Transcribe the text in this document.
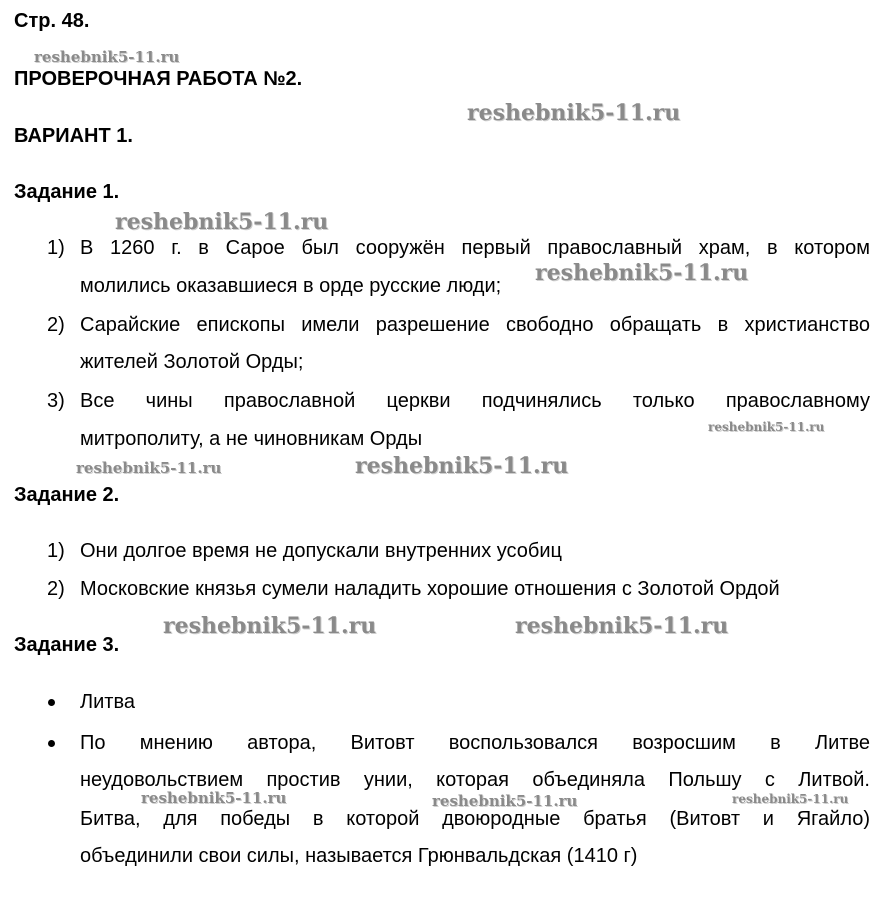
Стр. 48.
ПРОВЕРОЧНАЯ РАБОТА №2.
ВАРИАНТ 1.
Задание 1.
1) В 1260 г. в Сарое был сооружён первый православный храм, в котором
молились оказавшиеся в орде русские люди;
2) Сарайские епископы имели разрешение свободно обращать в христианство
жителей Золотой Орды;
3) Все чины православной церкви подчинялись только православному
митрополиту, а не чиновникам Орды
Задание 2.
1) Они долгое время не допускали внутренних усобиц
2) Московские князья сумели наладить хорошие отношения с Золотой Ордой
Задание 3.
Литва
По мнению автора, Витовт воспользовался возросшим в Литве
неудовольствием простив унии, которая объединяла Польшу с Литвой.
Битва, для победы в которой двоюродные братья (Витовт и Ягайло)
объединили свои силы, называется Грюнвальдская (1410 г)
reshebnik5-11.ru
reshebnik5-11.ru
reshebnik5-11.ru
reshebnik5-11.ru
reshebnik5-11.ru
reshebnik5-11.ru	reshebnik5-11.ru
reshebnik5-11.ru	reshebnik5-11.ru
reshebnik5-11.ru	reshebnik5-11.ru	reshebnik5-11.ru
